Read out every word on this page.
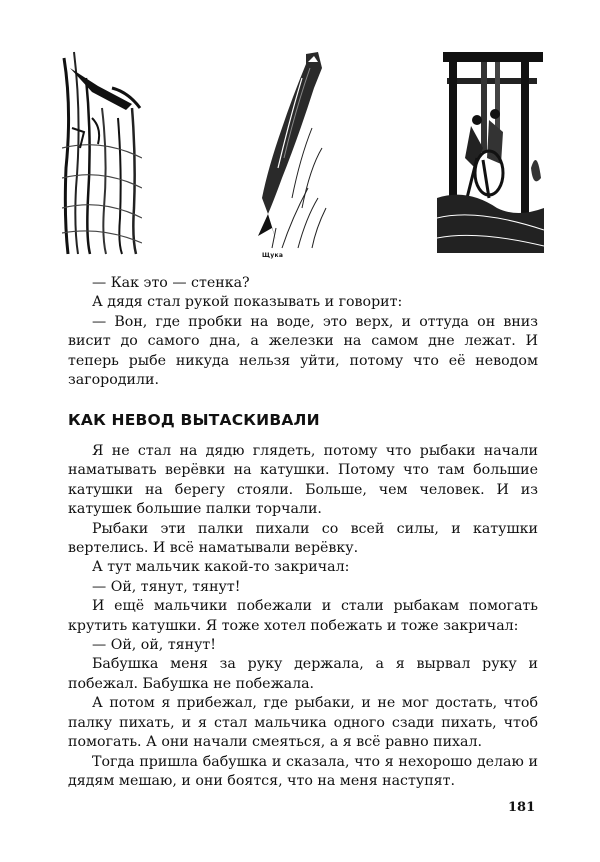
Щука

— Как это — стенка?

А дядя стал рукой показывать и говорит:

— Вон, где пробки на воде, это верх, и оттуда он вниз висит до самого дна, а железки на самом дне лежат. И теперь рыбе никуда нельзя уйти, потому что её неводом загородили.

КАК НЕВОД ВЫТАСКИВАЛИ

Я не стал на дядю глядеть, потому что рыбаки начали наматывать верёвки на катушки. Потому что там большие катушки на берегу стояли. Больше, чем человек. И из катушек большие палки торчали.

Рыбаки эти палки пихали со всей силы, и катушки вертелись. И всё наматывали верёвку.

А тут мальчик какой-то закричал:

— Ой, тянут, тянут!

И ещё мальчики побежали и стали рыбакам помогать крутить катушки. Я тоже хотел побежать и тоже закричал:

— Ой, ой, тянут!

Бабушка меня за руку держала, а я вырвал руку и побежал. Бабушка не побежала.

А потом я прибежал, где рыбаки, и не мог достать, чтоб палку пихать, и я стал мальчика одного сзади пихать, чтоб помогать. А они начали смеяться, а я всё равно пихал.

Тогда пришла бабушка и сказала, что я нехорошо делаю и дядям мешаю, и они боятся, что на меня наступят.

181
